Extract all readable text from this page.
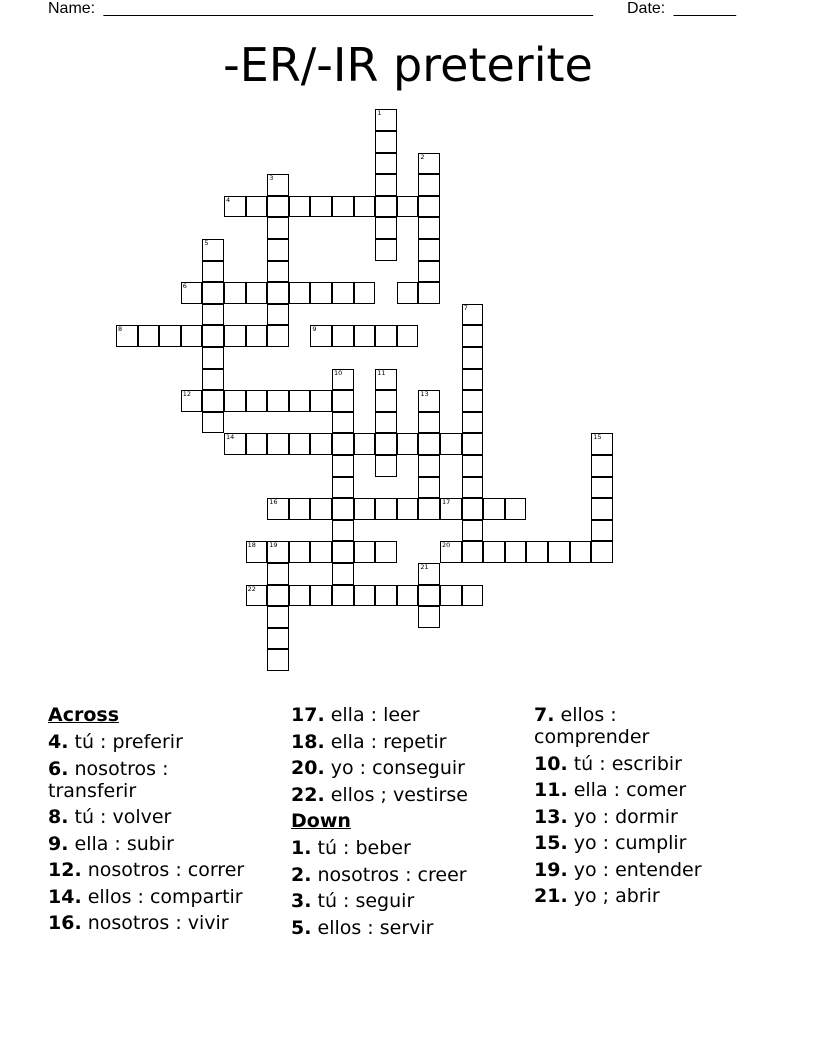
Name: _______________________________________________________ Date: _______
-ER/-IR preterite
1
2
3
4
5
6
7
8	9
10	11
12	13
14	15
16	17
18 19	20
21
22
Across
4. tú : preferir
6. nosotros : transferir
8. tú : volver
9. ella : subir
12. nosotros : correr
14. ellos : compartir
16. nosotros : vivir
17. ella : leer
18. ella : repetir
20. yo : conseguir
22. ellos ; vestirse
Down
1. tú : beber
2. nosotros : creer
3. tú : seguir
5. ellos : servir
7. ellos : comprender
10. tú : escribir
11. ella : comer
13. yo : dormir
15. yo : cumplir
19. yo : entender
21. yo ; abrir
